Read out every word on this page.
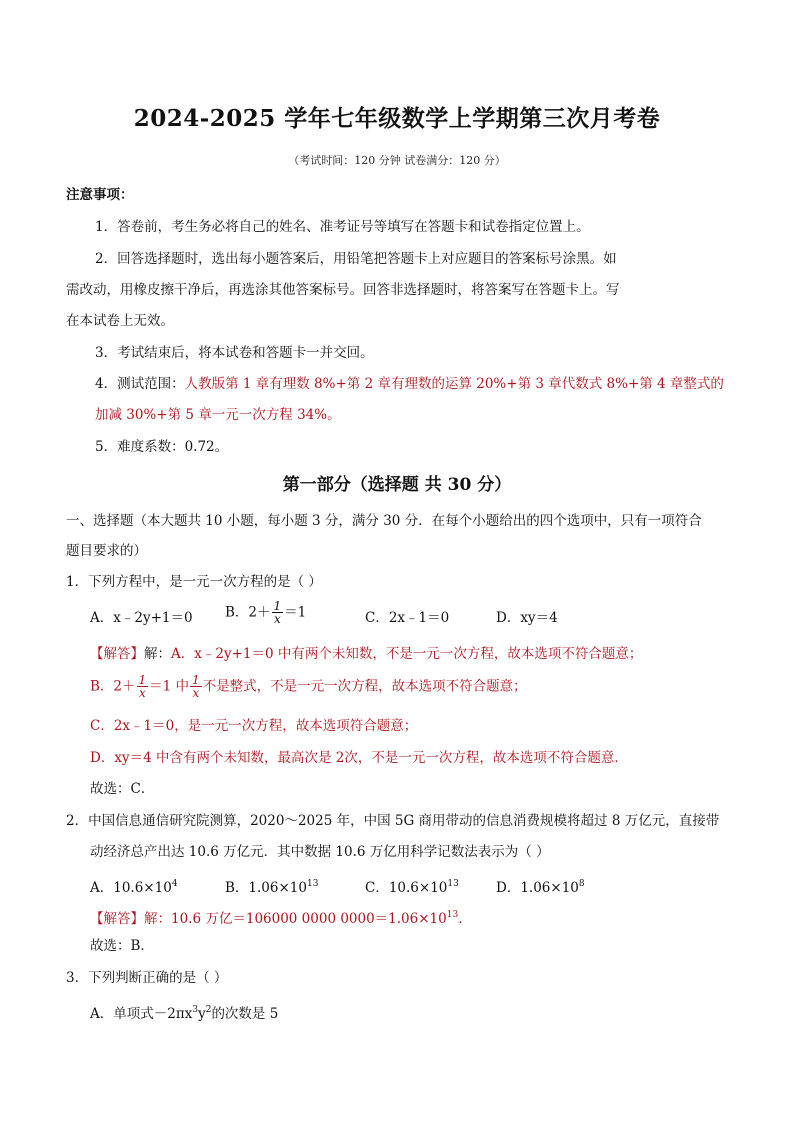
2024-2025 学年七年级数学上学期第三次月考卷
（考试时间：120 分钟 试卷满分：120 分）
注意事项：
1．答卷前，考生务必将自己的姓名、准考证号等填写在答题卡和试卷指定位置上。
2．回答选择题时，选出每小题答案后，用铅笔把答题卡上对应题目的答案标号涂黑。如
需改动，用橡皮擦干净后，再选涂其他答案标号。回答非选择题时，将答案写在答题卡上。写
在本试卷上无效。
3．考试结束后，将本试卷和答题卡一并交回。
4．测试范围：人教版第 1 章有理数 8%+第 2 章有理数的运算 20%+第 3 章代数式 8%+第 4 章整式的
加减 30%+第 5 章一元一次方程 34%。
5．难度系数：0.72。
第一部分（选择题 共 30 分）
一、选择题（本大题共 10 小题，每小题 3 分，满分 30 分．在每个小题给出的四个选项中，只有一项符合
题目要求的）
1．下列方程中，是一元一次方程的是（ ）
A．x﹣2y+1＝0 B．$2+ \frac{1}{x} =1$	C．2x﹣1＝0	D．xy＝4
【解答】解：A．x﹣2y+1＝0 中有两个未知数，不是一元一次方程，故本选项不符合题意；
B．$2+ \frac{1}{x} =1$ 中 $\frac{1}{x}$ 不是整式，不是一元一次方程，故本选项不符合题意；
C．2x﹣1＝0，是一元一次方程，故本选项符合题意；
D．xy＝4 中含有两个未知数，最高次是 2次，不是一元一次方程，故本选项不符合题意．
故选：C．
2．中国信息通信研究院测算，2020～2025 年，中国 5G 商用带动的信息消费规模将超过 8 万亿元，直接带
动经济总产出达 10.6 万亿元．其中数据 10.6 万亿用科学记数法表示为（ ）
A．$10.6\times 10^4$	B．$1.06\times 10^{13}$	C．$10.6\times 10^{13}$	D．$1.06\times 10^8$
【解答】解：10.6 万亿＝106000 0000 $0000=1.06\times 10^{13}$．
故选：B．
3．下列判断正确的是（ ）
A．单项式$-2\pi x^3y^2$的次数是 5
